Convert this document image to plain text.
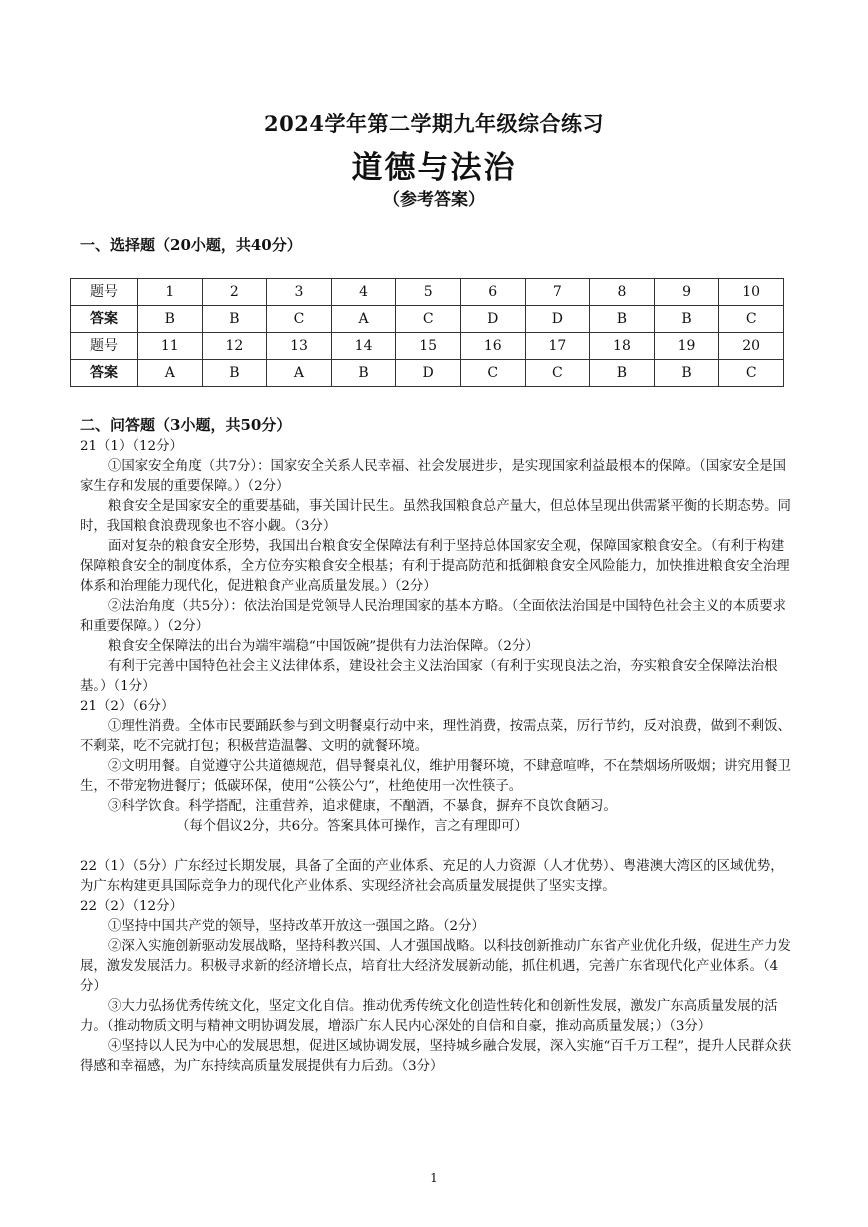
2024学年第二学期九年级综合练习
道德与法治
（参考答案）
一、选择题（20小题，共40分）
题号	1	2	3	4	5	6	7	8	9	10
答案	B	B	C	A	C	D	D	B	B	C
题号	11	12	13	14	15	16	17	18	19	20
答案	A	B	A	B	D	C	C	B	B	C
二、问答题（3小题，共50分）

21（1）（12分）

①国家安全角度（共7分）：国家安全关系人民幸福、社会发展进步，是实现国家利益最根本的保障。（国家安全是国家生存和发展的重要保障。）（2分）

粮食安全是国家安全的重要基础，事关国计民生。虽然我国粮食总产量大，但总体呈现出供需紧平衡的长期态势。同时，我国粮食浪费现象也不容小觑。（3分）

面对复杂的粮食安全形势，我国出台粮食安全保障法有利于坚持总体国家安全观，保障国家粮食安全。（有利于构建保障粮食安全的制度体系，全方位夯实粮食安全根基；有利于提高防范和抵御粮食安全风险能力，加快推进粮食安全治理体系和治理能力现代化，促进粮食产业高质量发展。）（2分）

②法治角度（共5分）：依法治国是党领导人民治理国家的基本方略。（全面依法治国是中国特色社会主义的本质要求和重要保障。）（2分）

粮食安全保障法的出台为端牢端稳“中国饭碗”提供有力法治保障。（2分）

有利于完善中国特色社会主义法律体系，建设社会主义法治国家（有利于实现良法之治，夯实粮食安全保障法治根基。）（1分）

21（2）（6分）

①理性消费。全体市民要踊跃参与到文明餐桌行动中来，理性消费，按需点菜，厉行节约，反对浪费，做到不剩饭、不剩菜，吃不完就打包；积极营造温馨、文明的就餐环境。

②文明用餐。自觉遵守公共道德规范，倡导餐桌礼仪，维护用餐环境，不肆意喧哗，不在禁烟场所吸烟；讲究用餐卫生，不带宠物进餐厅；低碳环保，使用“公筷公勺”，杜绝使用一次性筷子。

③科学饮食。科学搭配，注重营养，追求健康，不酗酒，不暴食，摒弃不良饮食陋习。

（每个倡议2分，共6分。答案具体可操作，言之有理即可）

22（1）（5分）广东经过长期发展，具备了全面的产业体系、充足的人力资源（人才优势）、粤港澳大湾区的区域优势，为广东构建更具国际竞争力的现代化产业体系、实现经济社会高质量发展提供了坚实支撑。

22（2）（12分）

①坚持中国共产党的领导，坚持改革开放这一强国之路。（2分）

②深入实施创新驱动发展战略，坚持科教兴国、人才强国战略。以科技创新推动广东省产业优化升级，促进生产力发展，激发发展活力。积极寻求新的经济增长点，培育壮大经济发展新动能，抓住机遇，完善广东省现代化产业体系。（4分）

③大力弘扬优秀传统文化，坚定文化自信。推动优秀传统文化创造性转化和创新性发展，激发广东高质量发展的活力。（推动物质文明与精神文明协调发展，增添广东人民内心深处的自信和自豪，推动高质量发展；）（3分）

④坚持以人民为中心的发展思想，促进区域协调发展，坚持城乡融合发展，深入实施“百千万工程”，提升人民群众获得感和幸福感，为广东持续高质量发展提供有力后劲。（3分）

1
